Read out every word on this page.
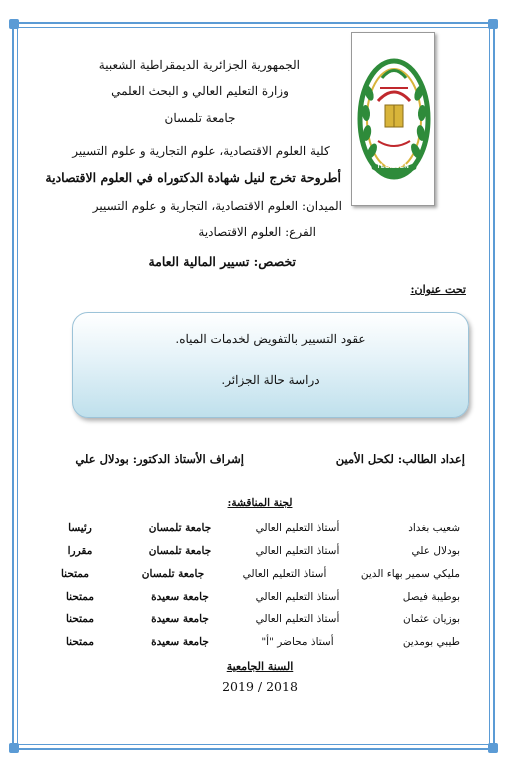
TLEMCEN
الجمهورية الجزائرية الديمقراطية الشعبية
وزارة التعليم العالي و البحث العلمي
جامعة تلمسان
كلية العلوم الاقتصادية، علوم التجارية و علوم التسيير
أطروحة تخرج لنيل شهادة الدكتوراه في العلوم الاقتصادية
الميدان: العلوم الاقتصادية، التجارية و علوم التسيير
الفرع: العلوم الاقتصادية
تخصص: تسيير المالية العامة
تحت عنوان:
عقود التسيير بالتفويض لخدمات المياه.
دراسة حالة الجزائر.
إعداد الطالب: لكحل الأمين
إشراف الأستاذ الدكتور: بودلال علي
لجنة المناقشة:
شعيب بغداد
أستاذ التعليم العالي
جامعة تلمسان
رئيسا
بودلال علي
أستاذ التعليم العالي
جامعة تلمسان
مقررا
مليكي سمير بهاء الدين
أستاذ التعليم العالي
جامعة تلمسان
ممتحنا
بوطيبة فيصل
أستاذ التعليم العالي
جامعة سعيدة
ممتحنا
بوزيان عثمان
أستاذ التعليم العالي
جامعة سعيدة
ممتحنا
طيبي بومدين
أستاذ محاضر "أ"
جامعة سعيدة
ممتحنا
السنة الجامعية
2019 / 2018
